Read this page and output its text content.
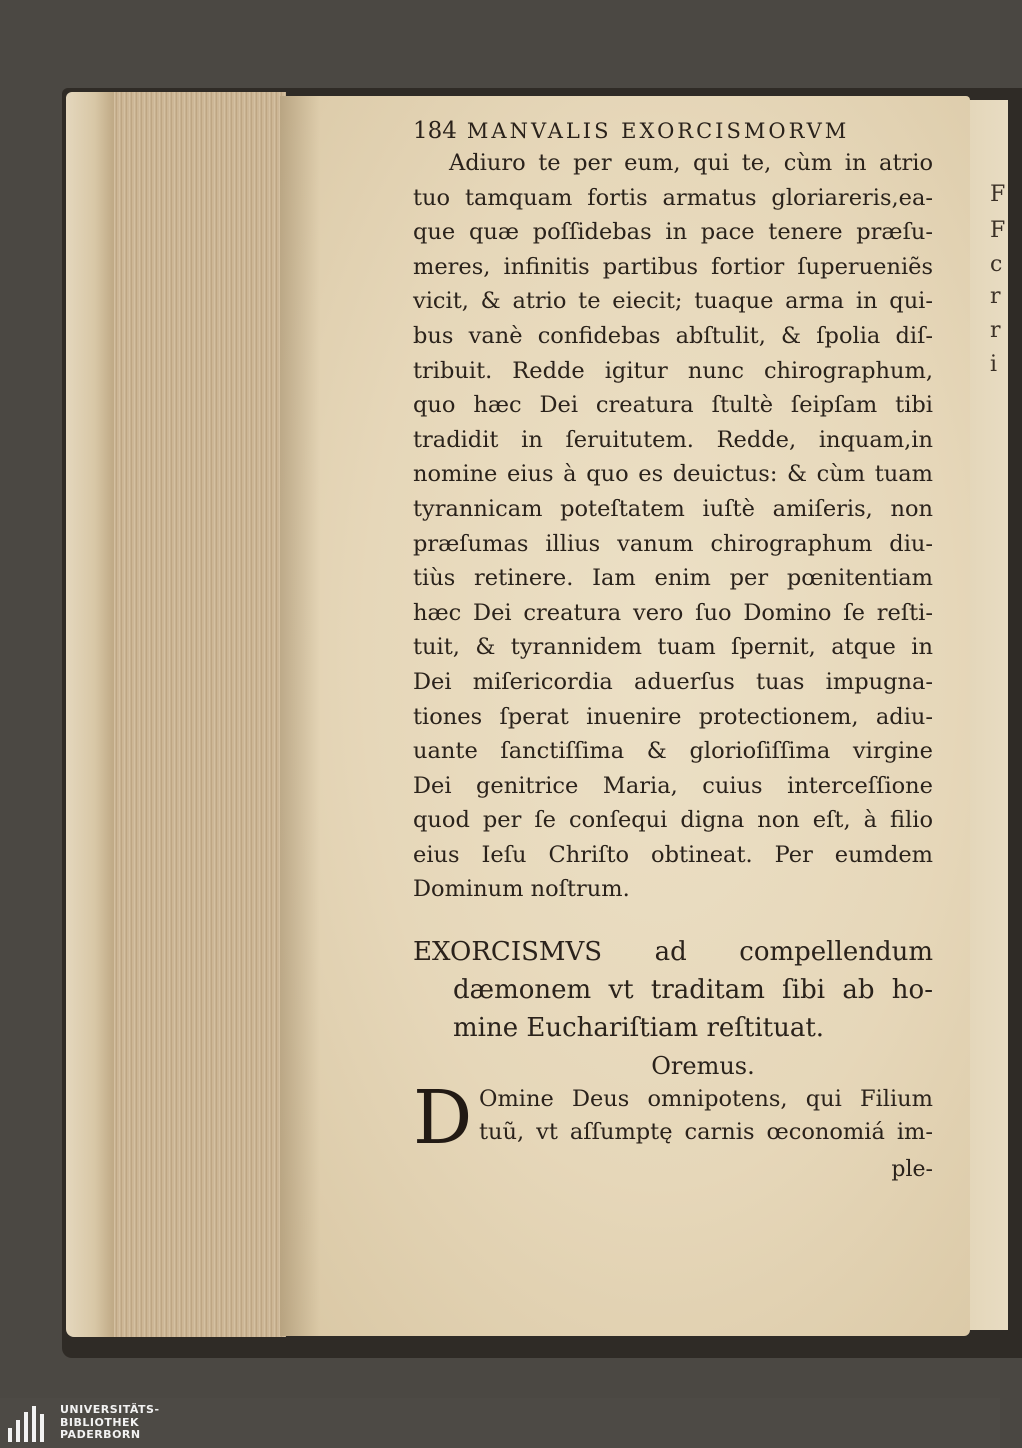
F
F
c
r
r
i
184 MANVALIS EXORCISMORVM
Adiuro te per eum, qui te, cùm in atrio
tuo tamquam fortis armatus gloriareris,ea-
que quæ poſſidebas in pace tenere præſu-
meres, infinitis partibus fortior ſuperueniẽs
vicit, & atrio te eiecit; tuaque arma in qui-
bus vanè confidebas abſtulit, & ſpolia diſ-
tribuit. Redde igitur nunc chirographum,
quo hæc Dei creatura ſtultè ſeipſam tibi
tradidit in ſeruitutem. Redde, inquam,in
nomine eius à quo es deuictus: & cùm tuam
tyrannicam poteſtatem iuſtè amiſeris, non
præſumas illius vanum chirographum diu-
tiùs retinere. Iam enim per pœnitentiam
hæc Dei creatura vero ſuo Domino ſe reſti-
tuit, & tyrannidem tuam ſpernit, atque in
Dei miſericordia aduerſus tuas impugna-
tiones ſperat inuenire protectionem, adiu-
uante ſanctiſſima & glorioſiſſima virgine
Dei genitrice Maria, cuius interceſſione
quod per ſe conſequi digna non eſt, à filio
eius Ieſu Chriſto obtineat. Per eumdem
Dominum noſtrum.
EXORCISMVS ad compellendum
dæmonem vt traditam ſibi ab ho-
mine Euchariſtiam reſtituat.
Oremus.
D Omine Deus omnipotens, qui Filium
tuũ, vt aſſumptę carnis œconomiá im-
ple-
UNIVERSITÄTS-
BIBLIOTHEK
PADERBORN
